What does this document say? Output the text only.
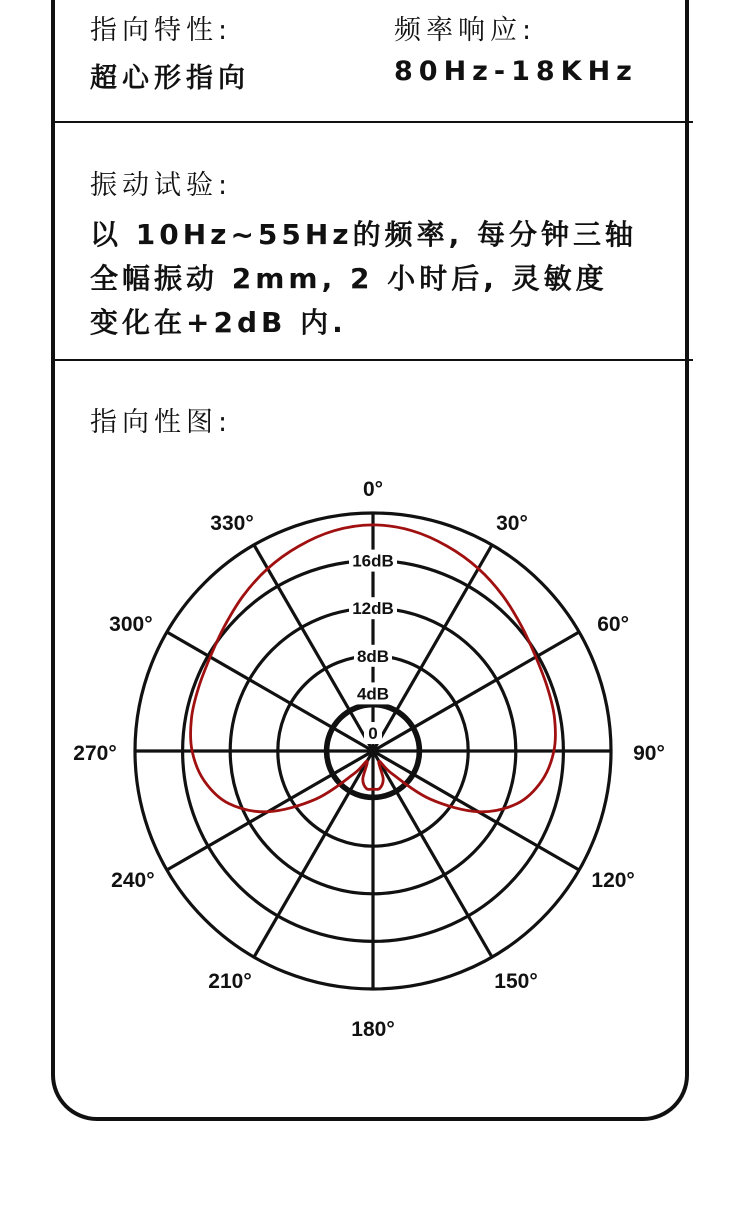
指向特性:
超心形指向
频率响应:
80Hz-18KHz
振动试验:
以 10Hz~55Hz的频率, 每分钟三轴
全幅振动 2mm, 2 小时后, 灵敏度
变化在+2dB 内.
指向性图:
0
4dB
8dB
12dB
16dB
0°
30°
60°
90°
120°
150°
180°
210°
240°
270°
300°
330°
